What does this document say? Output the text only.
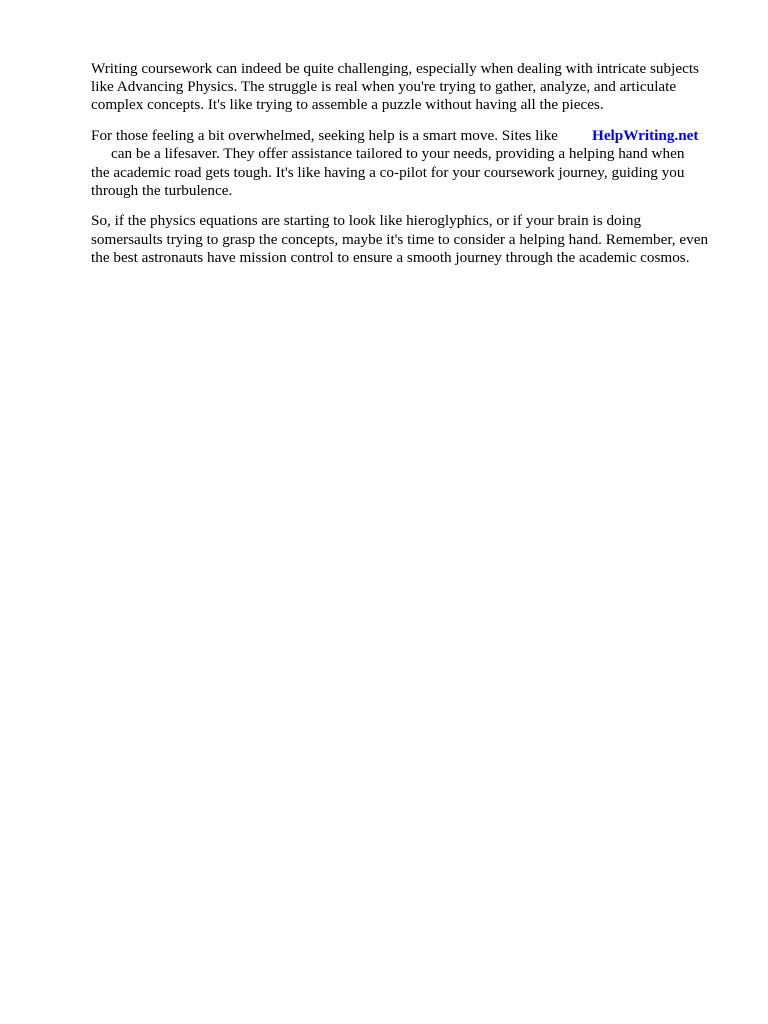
Writing coursework can indeed be quite challenging, especially when dealing with intricate subjects
like Advancing Physics. The struggle is real when you're trying to gather, analyze, and articulate
complex concepts. It's like trying to assemble a puzzle without having all the pieces.

For those feeling a bit overwhelmed, seeking help is a smart move. Sites like HelpWriting.net
can be a lifesaver. They offer assistance tailored to your needs, providing a helping hand when
the academic road gets tough. It's like having a co-pilot for your coursework journey, guiding you
through the turbulence.

So, if the physics equations are starting to look like hieroglyphics, or if your brain is doing
somersaults trying to grasp the concepts, maybe it's time to consider a helping hand. Remember, even
the best astronauts have mission control to ensure a smooth journey through the academic cosmos.
